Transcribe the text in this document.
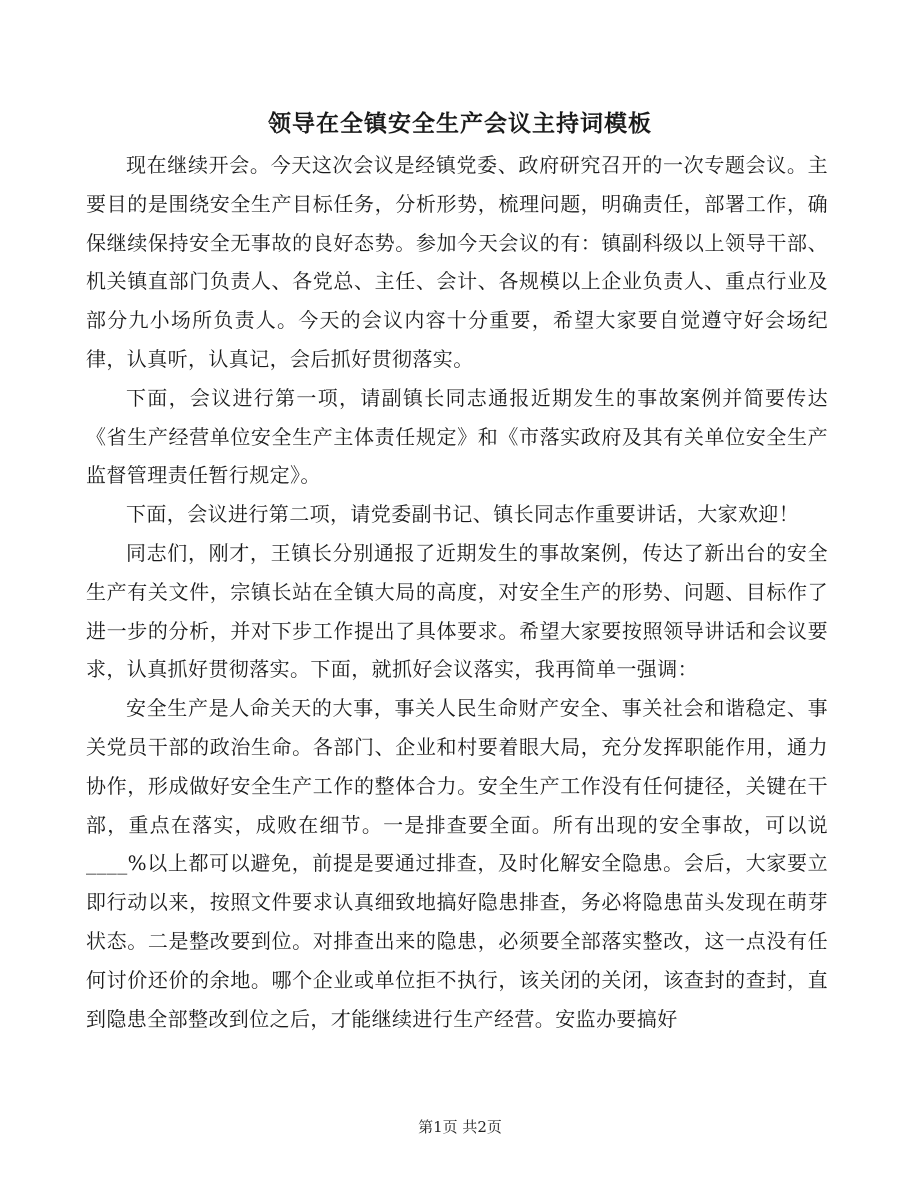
领导在全镇安全生产会议主持词模板

现在继续开会。今天这次会议是经镇党委、政府研究召开的一次专题会议。主要目的是围绕安全生产目标任务，分析形势，梳理问题，明确责任，部署工作，确保继续保持安全无事故的良好态势。参加今天会议的有：镇副科级以上领导干部、机关镇直部门负责人、各党总、主任、会计、各规模以上企业负责人、重点行业及部分九小场所负责人。今天的会议内容十分重要，希望大家要自觉遵守好会场纪律，认真听，认真记，会后抓好贯彻落实。

下面，会议进行第一项，请副镇长同志通报近期发生的事故案例并简要传达《省生产经营单位安全生产主体责任规定》和《市落实政府及其有关单位安全生产监督管理责任暂行规定》。

下面，会议进行第二项，请党委副书记、镇长同志作重要讲话，大家欢迎！

同志们，刚才，王镇长分别通报了近期发生的事故案例，传达了新出台的安全生产有关文件，宗镇长站在全镇大局的高度，对安全生产的形势、问题、目标作了进一步的分析，并对下步工作提出了具体要求。希望大家要按照领导讲话和会议要求，认真抓好贯彻落实。下面，就抓好会议落实，我再简单一强调：

安全生产是人命关天的大事，事关人民生命财产安全、事关社会和谐稳定、事关党员干部的政治生命。各部门、企业和村要着眼大局，充分发挥职能作用，通力协作，形成做好安全生产工作的整体合力。安全生产工作没有任何捷径，关键在干部，重点在落实，成败在细节。一是排查要全面。所有出现的安全事故，可以说____%以上都可以避免，前提是要通过排查，及时化解安全隐患。会后，大家要立即行动以来，按照文件要求认真细致地搞好隐患排查，务必将隐患苗头发现在萌芽状态。二是整改要到位。对排查出来的隐患，必须要全部落实整改，这一点没有任何讨价还价的余地。哪个企业或单位拒不执行，该关闭的关闭，该查封的查封，直到隐患全部整改到位之后，才能继续进行生产经营。安监办要搞好

第1页 共2页
